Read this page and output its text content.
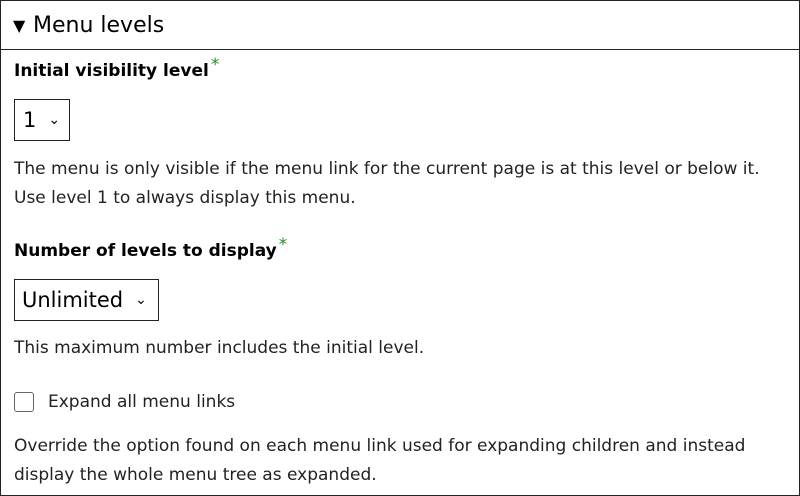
▼ Menu levels
Initial visibility level *
1 ⌄
The menu is only visible if the menu link for the current page is at this level or below it. Use level 1 to always display this menu.
Number of levels to display *
Unlimited ⌄
This maximum number includes the initial level.
Expand all menu links
Override the option found on each menu link used for expanding children and instead display the whole menu tree as expanded.
